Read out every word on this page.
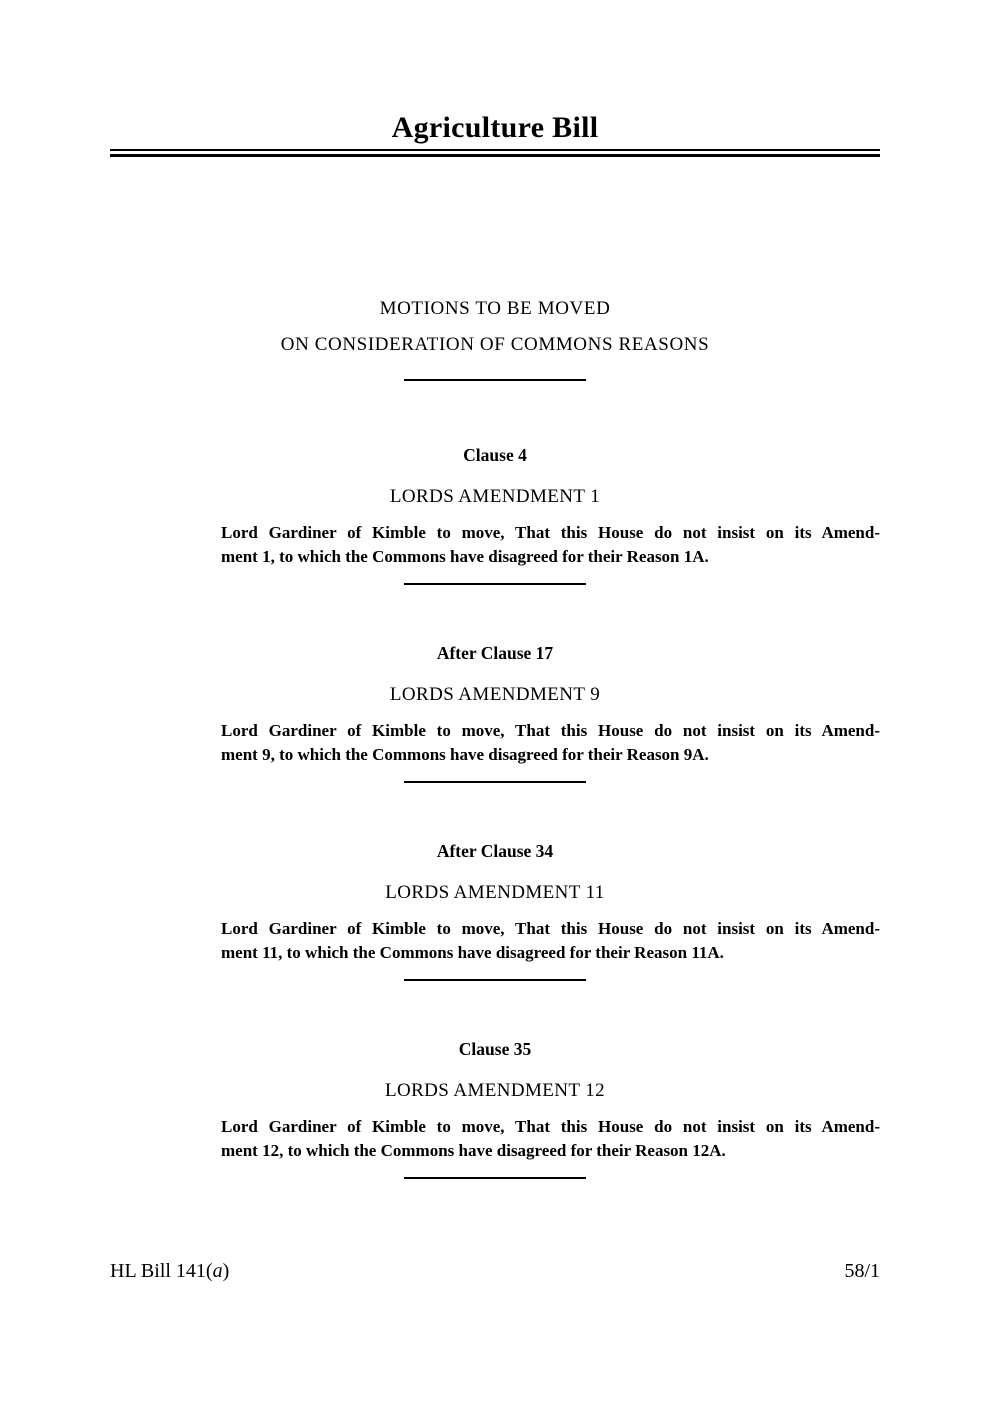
Agriculture Bill
MOTIONS TO BE MOVED
ON CONSIDERATION OF COMMONS REASONS
Clause 4
LORDS AMENDMENT 1

Lord Gardiner of Kimble to move, That this House do not insist on its Amend-
ment 1, to which the Commons have disagreed for their Reason 1A.

After Clause 17
LORDS AMENDMENT 9

Lord Gardiner of Kimble to move, That this House do not insist on its Amend-
ment 9, to which the Commons have disagreed for their Reason 9A.

After Clause 34
LORDS AMENDMENT 11

Lord Gardiner of Kimble to move, That this House do not insist on its Amend-
ment 11, to which the Commons have disagreed for their Reason 11A.

Clause 35
LORDS AMENDMENT 12

Lord Gardiner of Kimble to move, That this House do not insist on its Amend-
ment 12, to which the Commons have disagreed for their Reason 12A.

HL Bill 141(a)	58/1
